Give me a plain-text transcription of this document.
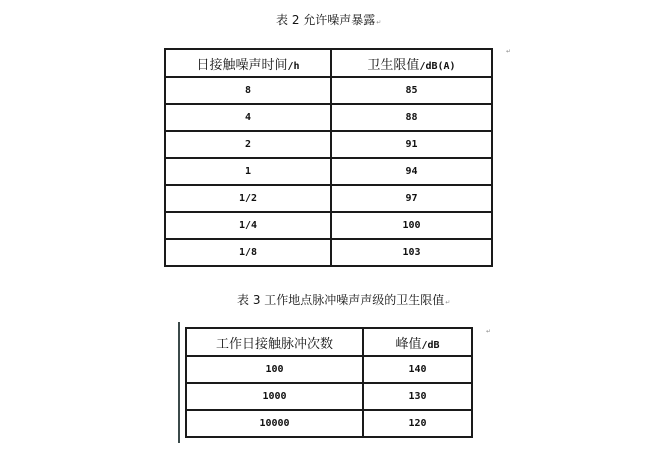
表 2 允许噪声暴露↵
↵
日接触噪声时间/h	卫生限值/dB(A)
8	85
4	88
2	91
1	94
1/2	97
1/4	100
1/8	103
表 3 工作地点脉冲噪声声级的卫生限值↵
↵
工作日接触脉冲次数	峰值/dB
100	140
1000	130
10000	120
